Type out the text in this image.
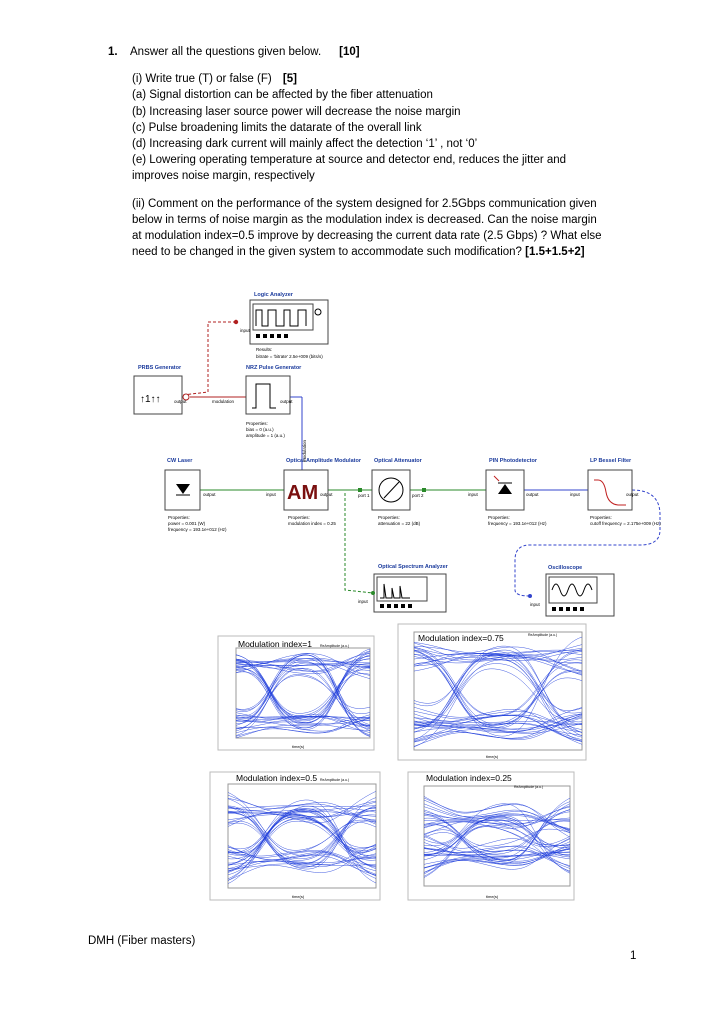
1.	Answer all the questions given below. [10]
(i) Write true (T) or false (F) [5]
(a) Signal distortion can be affected by the fiber attenuation
(b) Increasing laser source power will decrease the noise margin
(c) Pulse broadening limits the datarate of the overall link
(d) Increasing dark current will mainly affect the detection ‘1’ , not ‘0’
(e) Lowering operating temperature at source and detector end, reduces the jitter and
improves noise margin, respectively
(ii) Comment on the performance of the system designed for 2.5Gbps communication given
below in terms of noise margin as the modulation index is decreased. Can the noise margin
at modulation index=0.5 improve by decreasing the current data rate (2.5 Gbps) ? What else
need to be changed in the given system to accommodate such modification? [1.5+1.5+2]
Logic Analyzer
input
Results:
bitrate = 'bitrate' 2.5e+009 (bits/s)
PRBS Generator
↑1↑↑	output
NRZ Pulse Generator
modulation	output
Properties:
bias = 0 (a.u.)
amplitude = 1 (a.u.)
CW Laser
output
Properties:
power = 0.001 (W)
frequency = 193.1e+012 (Hz)
Optical Amplitude Modulator
AM
modulation
input	output
Properties:
modulation index = 0.25
Optical Attenuator
port 1	port 2
Properties:
attenuation = 22 (dB)
PIN Photodetector
input	output
Properties:
frequency = 193.1e+012 (Hz)
LP Bessel Filter
input	output
Properties:
cutoff frequency = 2.175e+009 (Hz)
Optical Spectrum Analyzer
input
Oscilloscope
input
Modulation index=1 ReAmplitude (a.u.)
time(s)
Modulation index=0.75	ReAmplitude (a.u.)
time(s)
Modulation index=0.5 ReAmplitude (a.u.)
time(s)
Modulation index=0.25
ReAmplitude (a.u.)
time(s)
DMH (Fiber masters)
1
